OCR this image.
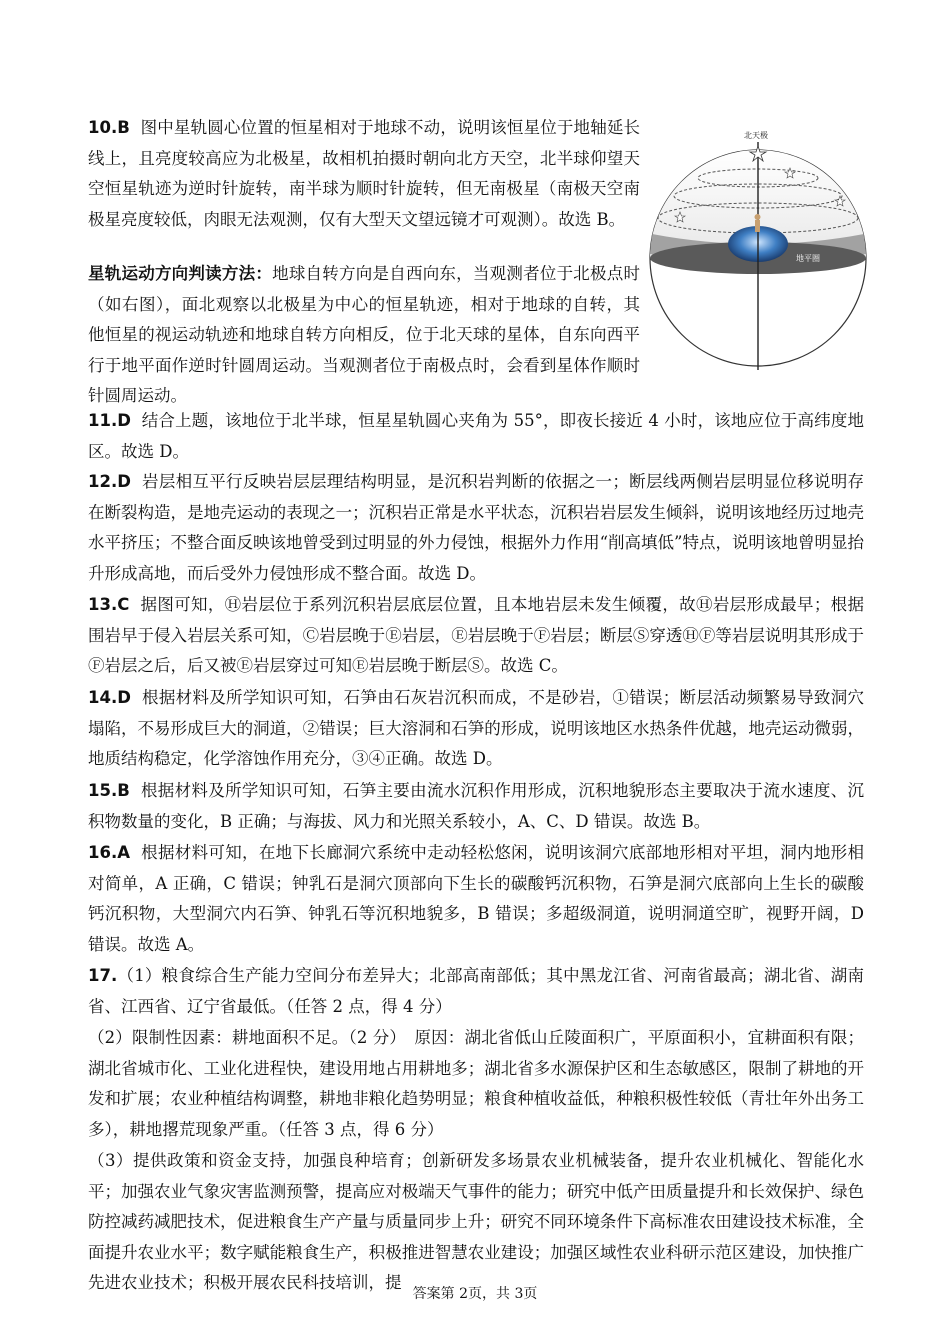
10.B 图中星轨圆心位置的恒星相对于地球不动，说明该恒星位于地轴延长线上，且亮度较高应为北极星，故相机拍摄时朝向北方天空，北半球仰望天空恒星轨迹为逆时针旋转，南半球为顺时针旋转，但无南极星（南极天空南极星亮度较低，肉眼无法观测，仅有大型天文望远镜才可观测）。故选 B。

星轨运动方向判读方法：地球自转方向是自西向东，当观测者位于北极点时（如右图），面北观察以北极星为中心的恒星轨迹，相对于地球的自转，其他恒星的视运动轨迹和地球自转方向相反，位于北天球的星体，自东向西平行于地平面作逆时针圆周运动。当观测者位于南极点时，会看到星体作顺时针圆周运动。

北天极
地平圈

11.D 结合上题，该地位于北半球，恒星星轨圆心夹角为 55°，即夜长接近 4 小时，该地应位于高纬度地区。故选 D。

12.D 岩层相互平行反映岩层层理结构明显，是沉积岩判断的依据之一；断层线两侧岩层明显位移说明存在断裂构造，是地壳运动的表现之一；沉积岩正常是水平状态，沉积岩岩层发生倾斜，说明该地经历过地壳水平挤压；不整合面反映该地曾受到过明显的外力侵蚀，根据外力作用“削高填低”特点，说明该地曾明显抬升形成高地，而后受外力侵蚀形成不整合面。故选 D。

13.C 据图可知，Ⓗ岩层位于系列沉积岩层底层位置，且本地岩层未发生倾覆，故Ⓗ岩层形成最早；根据围岩早于侵入岩层关系可知，Ⓒ岩层晚于Ⓔ岩层，Ⓔ岩层晚于Ⓕ岩层；断层Ⓢ穿透ⒽⒻ等岩层说明其形成于Ⓕ岩层之后，后又被Ⓔ岩层穿过可知Ⓔ岩层晚于断层Ⓢ。故选 C。

14.D 根据材料及所学知识可知，石笋由石灰岩沉积而成，不是砂岩，①错误；断层活动频繁易导致洞穴塌陷，不易形成巨大的洞道，②错误；巨大溶洞和石笋的形成，说明该地区水热条件优越，地壳运动微弱，地质结构稳定，化学溶蚀作用充分，③④正确。故选 D。

15.B 根据材料及所学知识可知，石笋主要由流水沉积作用形成，沉积地貌形态主要取决于流水速度、沉积物数量的变化，B 正确；与海拔、风力和光照关系较小，A、C、D 错误。故选 B。

16.A 根据材料可知，在地下长廊洞穴系统中走动轻松悠闲，说明该洞穴底部地形相对平坦，洞内地形相对简单，A 正确，C 错误；钟乳石是洞穴顶部向下生长的碳酸钙沉积物，石笋是洞穴底部向上生长的碳酸钙沉积物，大型洞穴内石笋、钟乳石等沉积地貌多，B 错误；多超级洞道，说明洞道空旷，视野开阔，D 错误。故选 A。

17.（1）粮食综合生产能力空间分布差异大；北部高南部低；其中黑龙江省、河南省最高；湖北省、湖南省、江西省、辽宁省最低。（任答 2 点，得 4 分）

（2）限制性因素：耕地面积不足。（2 分）　原因：湖北省低山丘陵面积广，平原面积小，宜耕面积有限；湖北省城市化、工业化进程快，建设用地占用耕地多；湖北省多水源保护区和生态敏感区，限制了耕地的开发和扩展；农业种植结构调整，耕地非粮化趋势明显；粮食种植收益低，种粮积极性较低（青壮年外出务工多），耕地撂荒现象严重。（任答 3 点，得 6 分）

（3）提供政策和资金支持，加强良种培育；创新研发多场景农业机械装备，提升农业机械化、智能化水平；加强农业气象灾害监测预警，提高应对极端天气事件的能力；研究中低产田质量提升和长效保护、绿色防控减药减肥技术，促进粮食生产产量与质量同步上升；研究不同环境条件下高标准农田建设技术标准，全面提升农业水平；数字赋能粮食生产，积极推进智慧农业建设；加强区域性农业科研示范区建设，加快推广先进农业技术；积极开展农民科技培训，提

答案第 2页，共 3页
